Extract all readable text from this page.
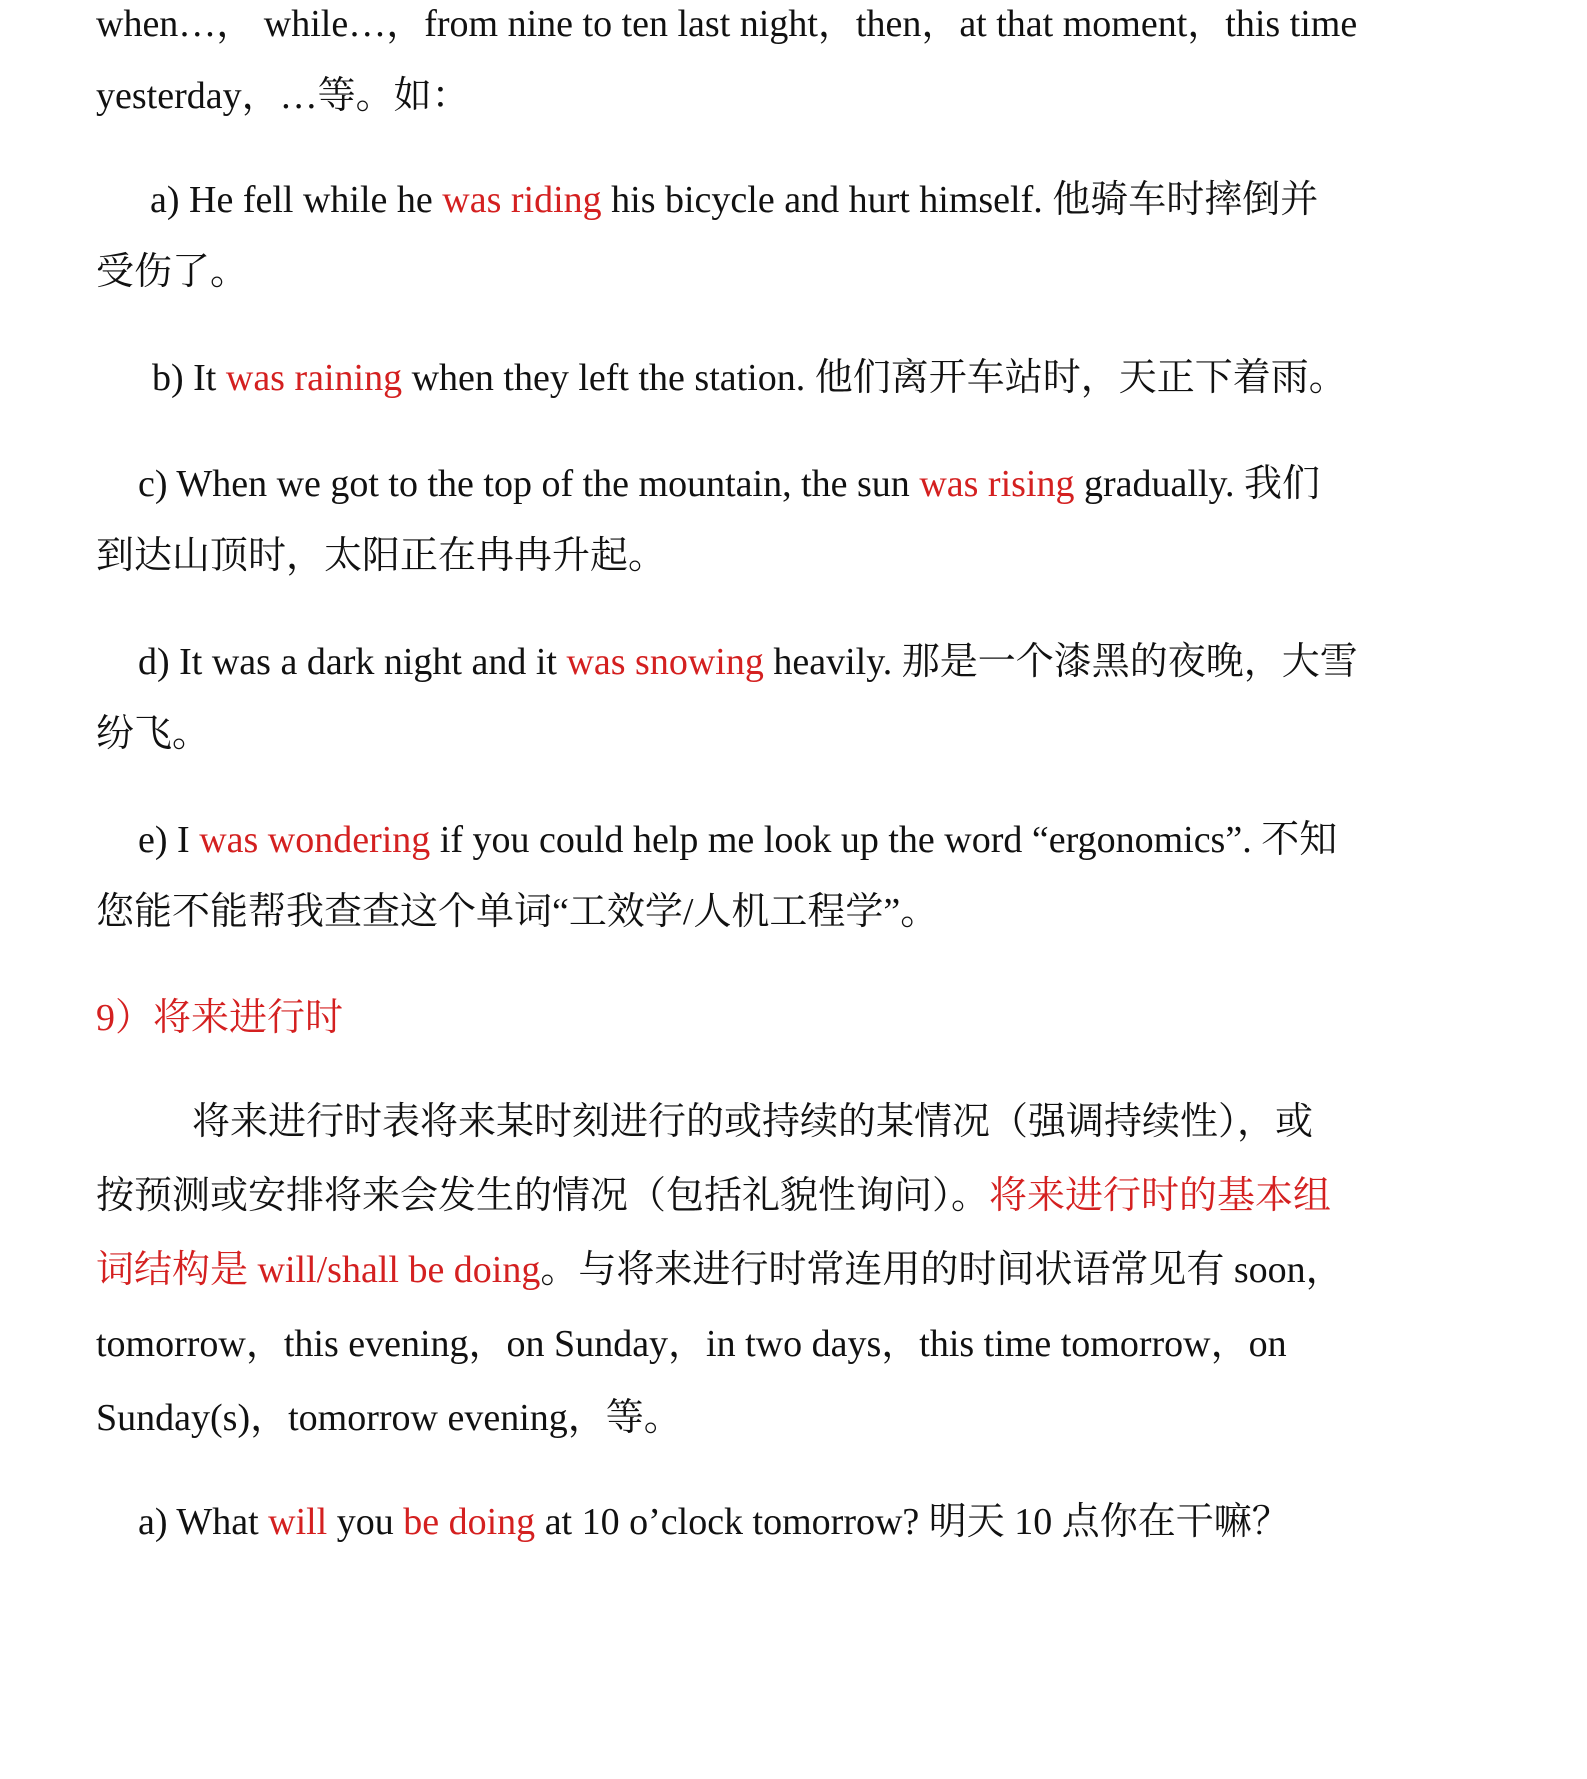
when…， while…，from nine to ten last night，then，at that moment，this time
yesterday，…等。如：
a) He fell while he was riding his bicycle and hurt himself. 他骑车时摔倒并
受伤了。
b) It was raining when they left the station. 他们离开车站时，天正下着雨。
c) When we got to the top of the mountain, the sun was rising gradually. 我们
到达山顶时，太阳正在冉冉升起。
d) It was a dark night and it was snowing heavily. 那是一个漆黑的夜晚，大雪
纷飞。
e) I was wondering if you could help me look up the word “ergonomics”. 不知
您能不能帮我查查这个单词“工效学/人机工程学”。
9）将来进行时
将来进行时表将来某时刻进行的或持续的某情况（强调持续性），或
按预测或安排将来会发生的情况（包括礼貌性询问）。将来进行时的基本组
词结构是 will/shall be doing。与将来进行时常连用的时间状语常见有 soon，
tomorrow，this evening，on Sunday，in two days，this time tomorrow，on
Sunday(s)，tomorrow evening，等。
a) What will you be doing at 10 o’clock tomorrow? 明天 10 点你在干嘛？
